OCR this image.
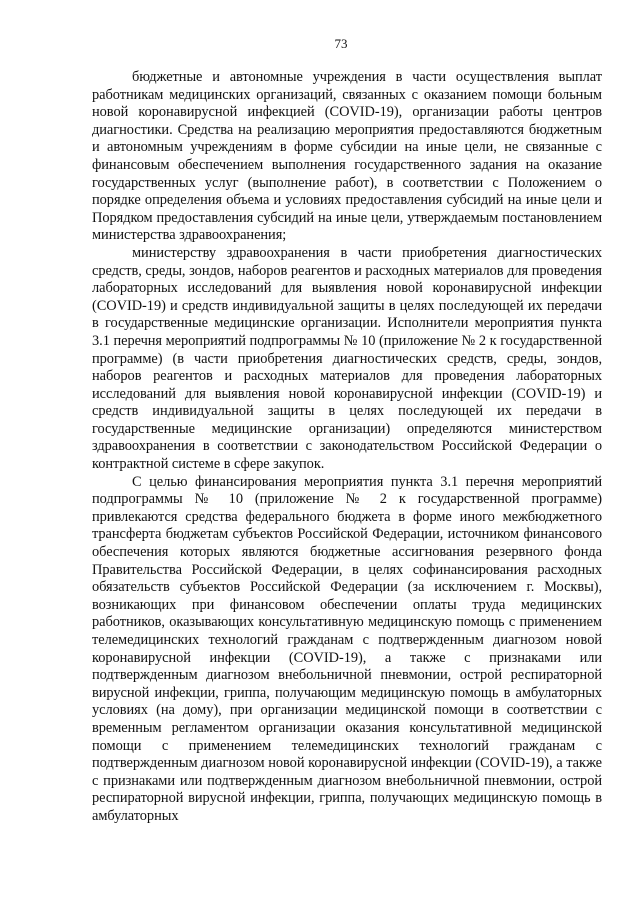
73

бюджетные и автономные учреждения в части осуществления выплат работникам медицинских организаций, связанных с оказанием помощи больным новой коронавирусной инфекцией (COVID-19), организации работы центров диагностики. Средства на реализацию мероприятия предоставляются бюджетным и автономным учреждениям в форме субсидии на иные цели, не связанные с финансовым обеспечением выполнения государственного задания на оказание государственных услуг (выполнение работ), в соответствии с Положением о порядке определения объема и условиях предоставления субсидий на иные цели и Порядком предоставления субсидий на иные цели, утверждаемым постановлением министерства здравоохранения;

министерству здравоохранения в части приобретения диагностических средств, среды, зондов, наборов реагентов и расходных материалов для проведения лабораторных исследований для выявления новой коронавирусной инфекции (COVID-19) и средств индивидуальной защиты в целях последующей их передачи в государственные медицинские организации. Исполнители мероприятия пункта 3.1 перечня мероприятий подпрограммы № 10 (приложение № 2 к государственной программе) (в части приобретения диагностических средств, среды, зондов, наборов реагентов и расходных материалов для проведения лабораторных исследований для выявления новой коронавирусной инфекции (COVID-19) и средств индивидуальной защиты в целях последующей их передачи в государственные медицинские организации) определяются министерством здравоохранения в соответствии с законодательством Российской Федерации о контрактной системе в сфере закупок.

С целью финансирования мероприятия пункта 3.1 перечня мероприятий подпрограммы № 10 (приложение № 2 к государственной программе) привлекаются средства федерального бюджета в форме иного межбюджетного трансферта бюджетам субъектов Российской Федерации, источником финансового обеспечения которых являются бюджетные ассигнования резервного фонда Правительства Российской Федерации, в целях софинансирования расходных обязательств субъектов Российской Федерации (за исключением г. Москвы), возникающих при финансовом обеспечении оплаты труда медицинских работников, оказывающих консультативную медицинскую помощь с применением телемедицинских технологий гражданам с подтвержденным диагнозом новой коронавирусной инфекции (COVID-19), а также с признаками или подтвержденным диагнозом внебольничной пневмонии, острой респираторной вирусной инфекции, гриппа, получающим медицинскую помощь в амбулаторных условиях (на дому), при организации медицинской помощи в соответствии с временным регламентом организации оказания консультативной медицинской помощи с применением телемедицинских технологий гражданам с подтвержденным диагнозом новой коронавирусной инфекции (COVID-19), а также с признаками или подтвержденным диагнозом внебольничной пневмонии, острой респираторной вирусной инфекции, гриппа, получающих медицинскую помощь в амбулаторных
